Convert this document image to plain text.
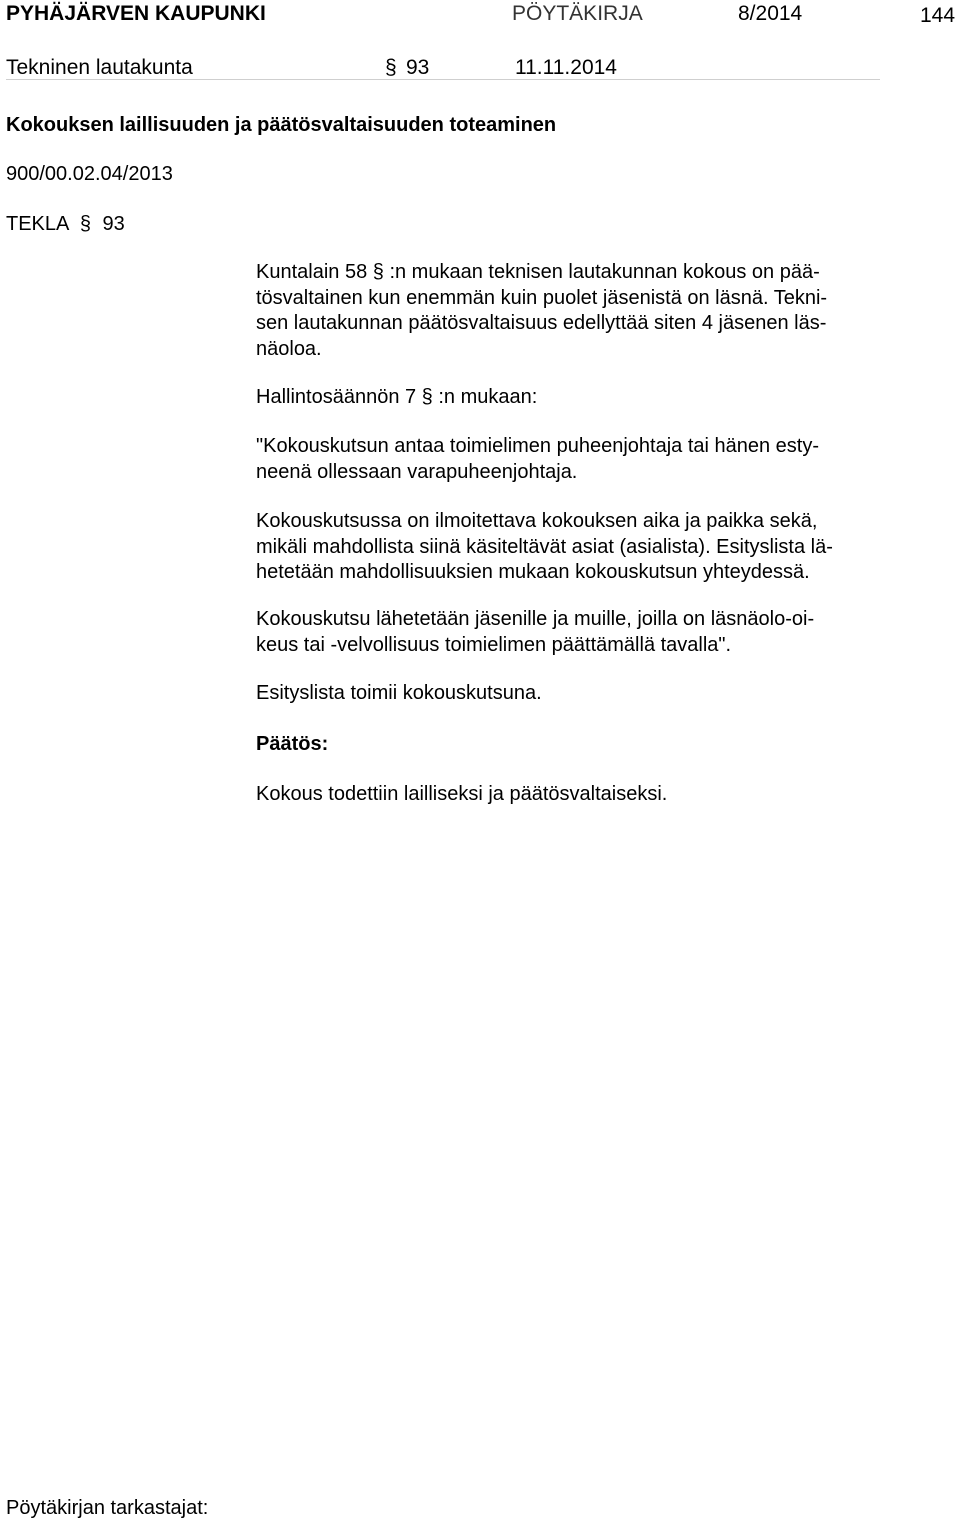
PYHÄJÄRVEN KAUPUNKI	PÖYTÄKIRJA	8/2014	144
Tekninen lautakunta	§ 93	11.11.2014
Kokouksen laillisuuden ja päätösvaltaisuuden toteaminen
900/00.02.04/2013
TEKLA § 93
Kuntalain 58 § :n mukaan teknisen lautakunnan kokous on pää-
tösvaltainen kun enemmän kuin puolet jäsenistä on läsnä. Tekni-
sen lautakunnan päätösvaltaisuus edellyttää siten 4 jäsenen läs-
näoloa.
Hallintosäännön 7 § :n mukaan:
"Kokouskutsun antaa toimielimen puheenjohtaja tai hänen esty-
neenä ollessaan varapuheenjohtaja.
Kokouskutsussa on ilmoitettava kokouksen aika ja paikka sekä,
mikäli mahdollista siinä käsiteltävät asiat (asialista). Esityslista lä-
hetetään mahdollisuuksien mukaan kokouskutsun yhteydessä.
Kokouskutsu lähetetään jäsenille ja muille, joilla on läsnäolo-oi-
keus tai -velvollisuus toimielimen päättämällä tavalla".
Esityslista toimii kokouskutsuna.
Päätös:
Kokous todettiin lailliseksi ja päätösvaltaiseksi.
Pöytäkirjan tarkastajat:
